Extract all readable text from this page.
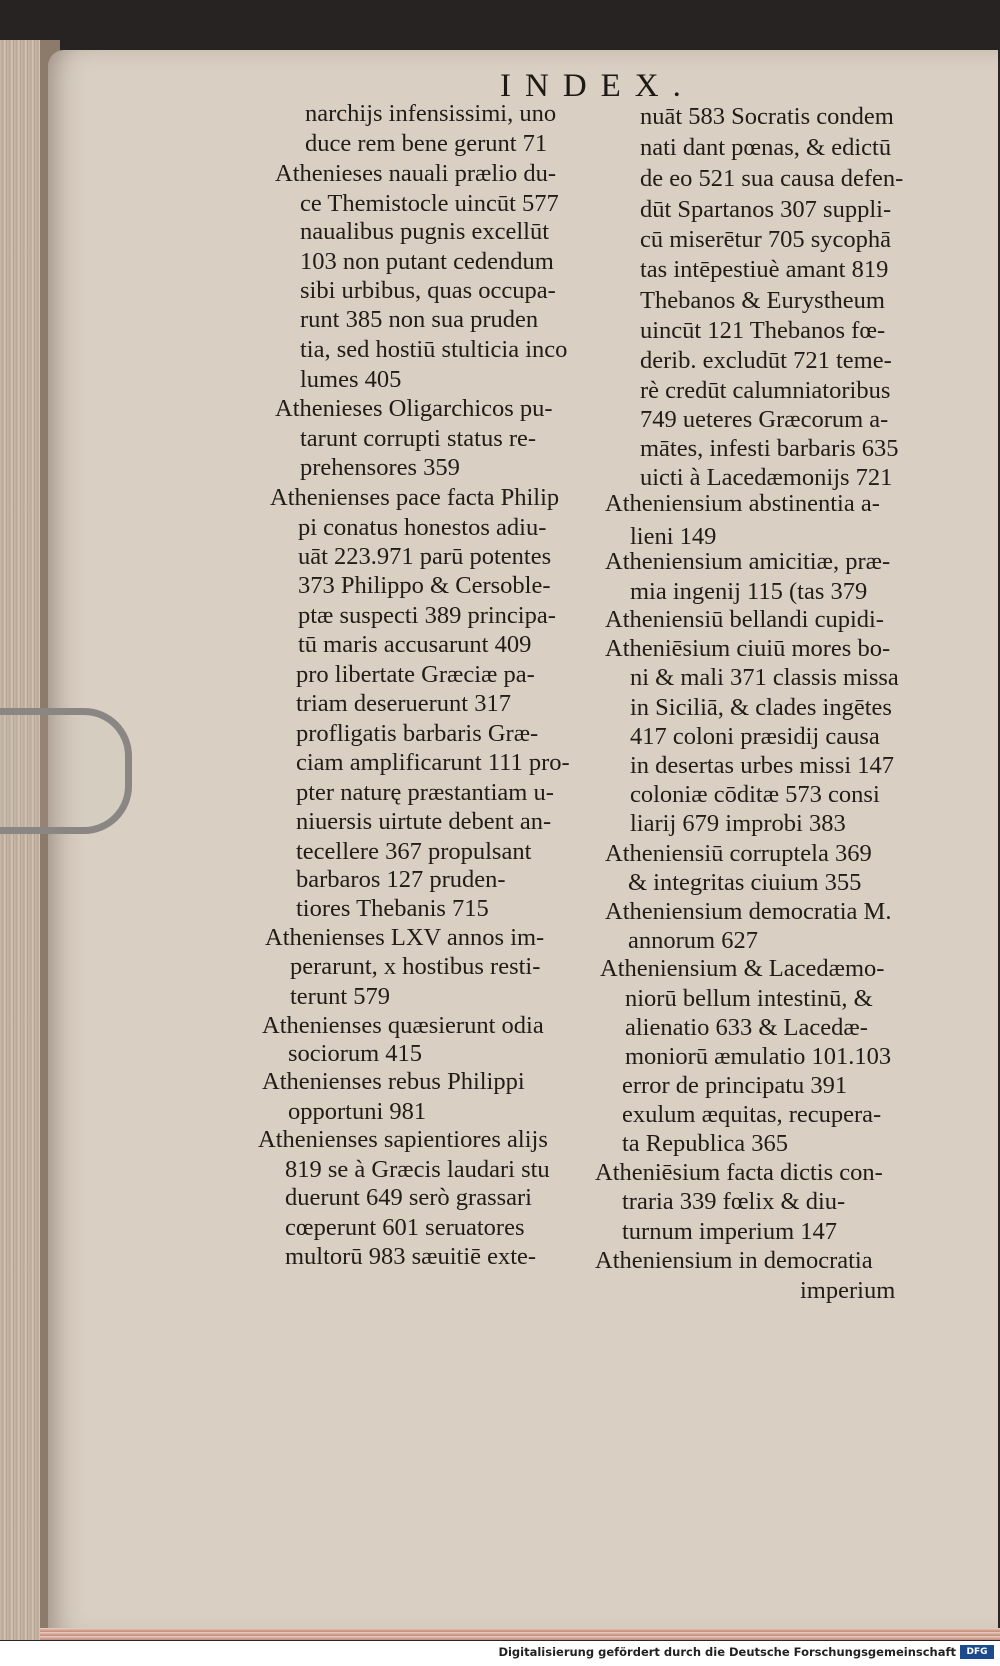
INDEX.
narchijs infensissimi, uno
duce rem bene gerunt 71
Athenieses nauali prælio du-
ce Themistocle uincūt 577
naualibus pugnis excellūt
103 non putant cedendum
sibi urbibus, quas occupa-
runt 385 non sua pruden
tia, sed hostiū stulticia inco
lumes 405
Athenieses Oligarchicos pu-
tarunt corrupti status re-
prehensores 359
Athenienses pace facta Philip
pi conatus honestos adiu-
uāt 223.971 parū potentes
373 Philippo & Cersoble-
ptæ suspecti 389 principa-
tū maris accusarunt 409
pro libertate Græciæ pa-
triam deseruerunt 317
profligatis barbaris Græ-
ciam amplificarunt 111 pro-
pter naturę præstantiam u-
niuersis uirtute debent an-
tecellere 367 propulsant
barbaros 127 pruden-
tiores Thebanis 715
Athenienses LXV annos im-
perarunt, x hostibus resti-
terunt 579
Athenienses quæsierunt odia
sociorum 415
Athenienses rebus Philippi
opportuni 981
Athenienses sapientiores alijs
819 se à Græcis laudari stu
duerunt 649 serò grassari
cœperunt 601 seruatores
multorū 983 sæuitiē exte-
nuāt 583 Socratis condem
nati dant pœnas, & edictū
de eo 521 sua causa defen-
dūt Spartanos 307 suppli-
cū miserētur 705 sycophā
tas intēpestiuè amant 819
Thebanos & Eurystheum
uincūt 121 Thebanos fœ-
derib. excludūt 721 teme-
rè credūt calumniatoribus
749 ueteres Græcorum a-
mātes, infesti barbaris 635
uicti à Lacedæmonijs 721
Atheniensium abstinentia a-
lieni 149
Atheniensium amicitiæ, præ-
mia ingenij 115 (tas 379
Atheniensiū bellandi cupidi-
Atheniēsium ciuiū mores bo-
ni & mali 371 classis missa
in Siciliā, & clades ingētes
417 coloni præsidij causa
in desertas urbes missi 147
coloniæ cōditæ 573 consi
liarij 679 improbi 383
Atheniensiū corruptela 369
& integritas ciuium 355
Atheniensium democratia M.
annorum 627
Atheniensium & Lacedæmo-
niorū bellum intestinū, &
alienatio 633 & Lacedæ-
moniorū æmulatio 101.103
error de principatu 391
exulum æquitas, recupera-
ta Republica 365
Atheniēsium facta dictis con-
traria 339 fœlix & diu-
turnum imperium 147
Atheniensium in democratia
imperium
Digitalisierung gefördert durch die Deutsche Forschungsgemeinschaft	DFG
